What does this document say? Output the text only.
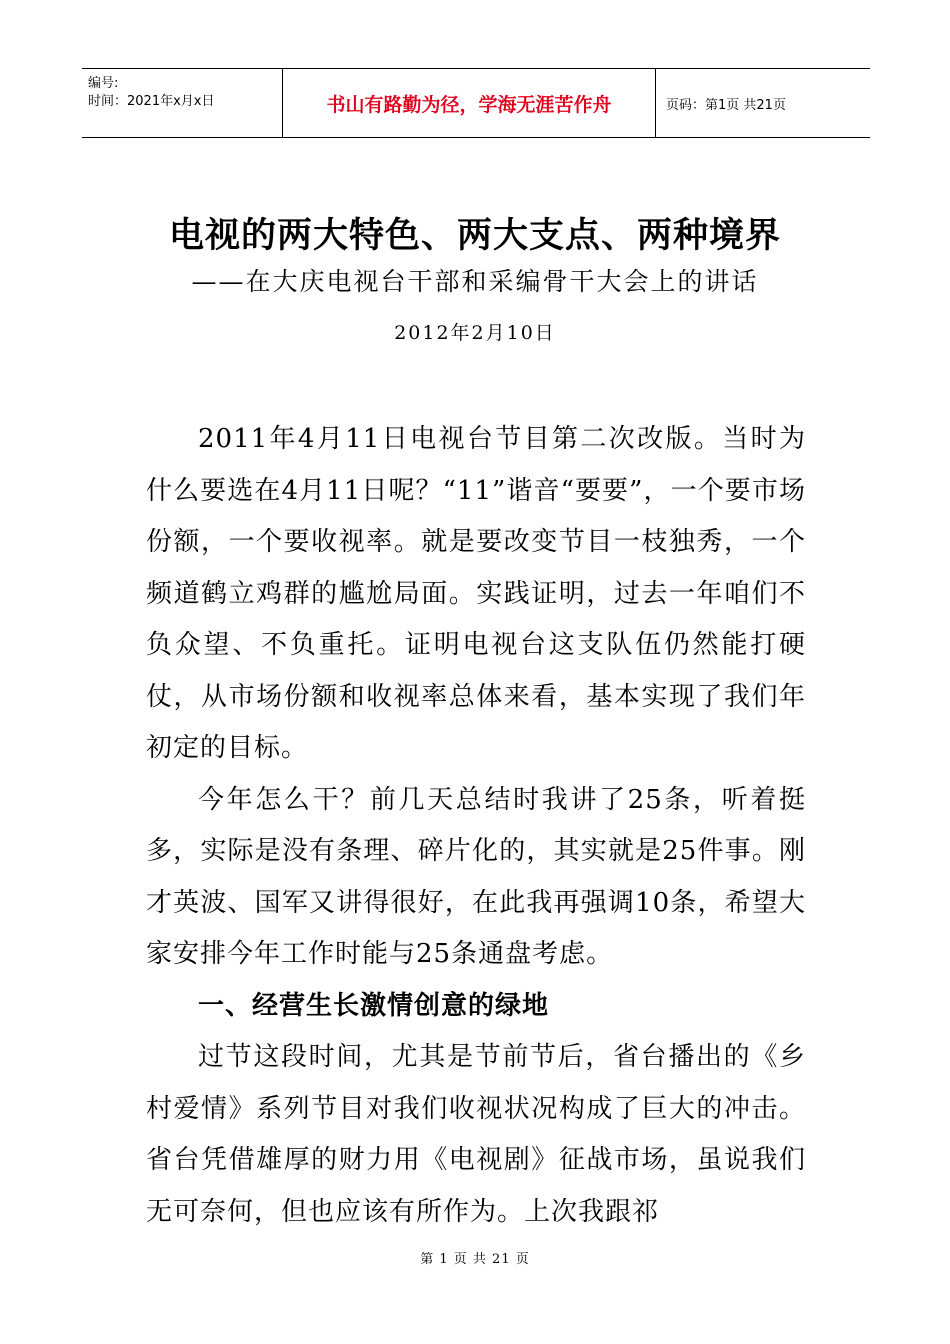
编号:
时间：2021年x月x日	书山有路勤为径，学海无涯苦作舟	页码：第1页 共21页
电视的两大特色、两大支点、两种境界

——在大庆电视台干部和采编骨干大会上的讲话

2012年2月10日

2011年4月11日电视台节目第二次改版。当时为什么要选在4月11日呢？“11”谐音“要要”，一个要市场份额，一个要收视率。就是要改变节目一枝独秀，一个频道鹤立鸡群的尴尬局面。实践证明，过去一年咱们不负众望、不负重托。证明电视台这支队伍仍然能打硬仗，从市场份额和收视率总体来看，基本实现了我们年初定的目标。

今年怎么干？前几天总结时我讲了25条，听着挺多，实际是没有条理、碎片化的，其实就是25件事。刚才英波、国军又讲得很好，在此我再强调10条，希望大家安排今年工作时能与25条通盘考虑。

一、经营生长激情创意的绿地

过节这段时间，尤其是节前节后，省台播出的《乡村爱情》系列节目对我们收视状况构成了巨大的冲击。省台凭借雄厚的财力用《电视剧》征战市场，虽说我们无可奈何，但也应该有所作为。上次我跟祁

第 1 页 共 21 页
